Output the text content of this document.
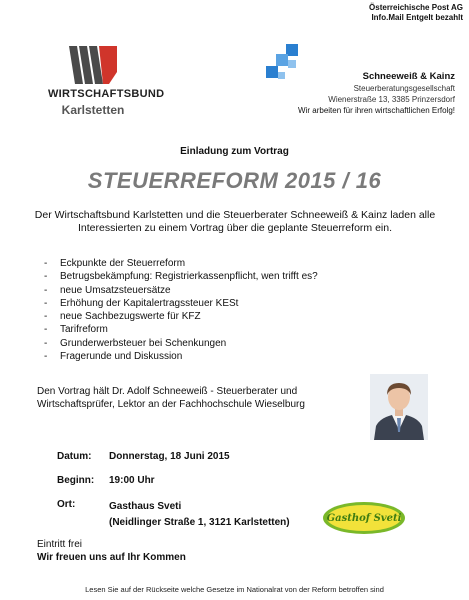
Österreichische Post AG
Info.Mail Entgelt bezahlt
WIRTSCHAFTSBUND
Karlstetten
Schneeweiß & Kainz
Steuerberatungsgesellschaft
Wienerstraße 13, 3385 Prinzersdorf
Wir arbeiten für ihren wirtschaftlichen Erfolg!
Einladung zum Vortrag
STEUERREFORM 2015 / 16
Der Wirtschaftsbund Karlstetten und die Steuerberater Schneeweiß & Kainz laden alle Interessierten zu einem Vortrag über die geplante Steuerreform ein.
-	Eckpunkte der Steuerreform
-	Betrugsbekämpfung: Registrierkassenpflicht, wen trifft es?
-	neue Umsatzsteuersätze
-	Erhöhung der Kapitalertragssteuer KESt
-	neue Sachbezugswerte für KFZ
-	Tarifreform
-	Grunderwerbsteuer bei Schenkungen
-	Fragerunde und Diskussion
Den Vortrag hält Dr. Adolf Schneeweiß - Steuerberater und Wirtschaftsprüfer, Lektor an der Fachhochschule Wieselburg
Datum: Donnerstag, 18 Juni 2015
Beginn: 19:00 Uhr
Ort:	Gasthaus Sveti
(Neidlinger Straße 1, 3121 Karlstetten)	Gasthof Sveti
Eintritt frei
Wir freuen uns auf Ihr Kommen
Lesen Sie auf der Rückseite welche Gesetze im Nationalrat von der Reform betroffen sind
